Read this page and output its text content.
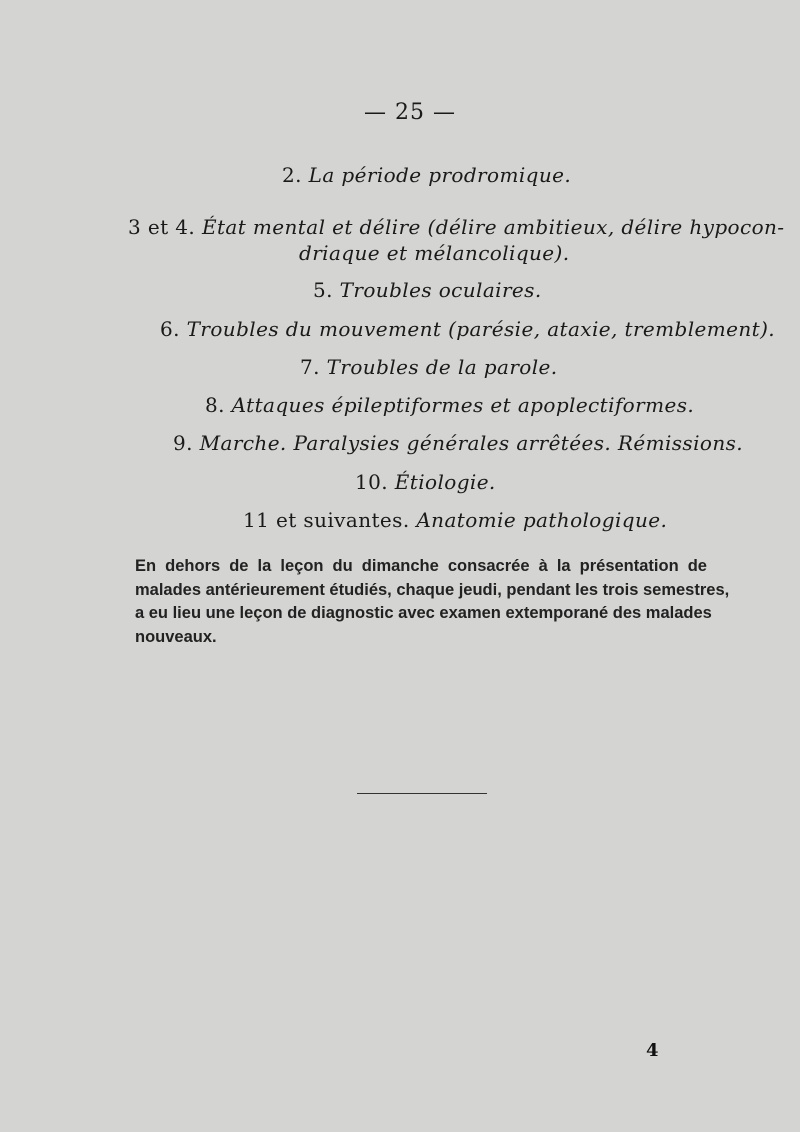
— 25 —
2. La période prodromique.
3 et 4. État mental et délire (délire ambitieux, délire hypocon-
driaque et mélancolique).
5. Troubles oculaires.
6. Troubles du mouvement (parésie, ataxie, tremblement).
7. Troubles de la parole.
8. Attaques épileptiformes et apoplectiformes.
9. Marche. Paralysies générales arrêtées. Rémissions.
10. Étiologie.
11 et suivantes. Anatomie pathologique.
En dehors de la leçon du dimanche consacrée à la présentation de
malades antérieurement étudiés, chaque jeudi, pendant les trois semestres,
a eu lieu une leçon de diagnostic avec examen extemporané des malades
nouveaux.
4
